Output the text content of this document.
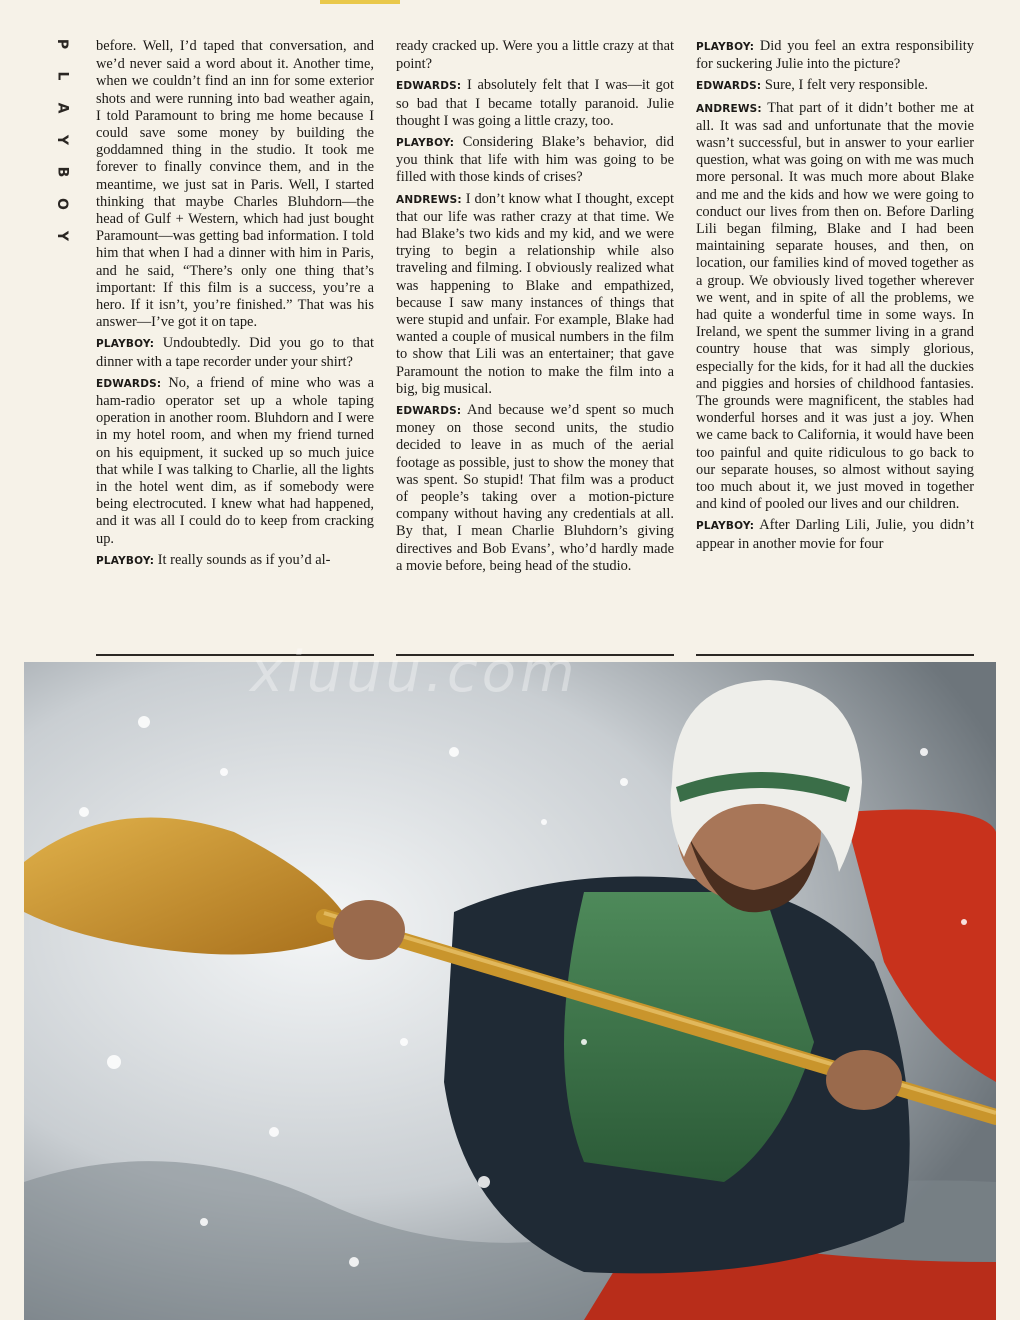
P
L
A
Y
B
O
Y

before. Well, I’d taped that conversation, and we’d never said a word about it. Another time, when we couldn’t find an inn for some exterior shots and were running into bad weather again, I told Paramount to bring me home because I could save some money by building the goddamned thing in the studio. It took me forever to finally convince them, and in the meantime, we just sat in Paris. Well, I started thinking that maybe Charles Bluhdorn—the head of Gulf + Western, which had just bought Paramount—was getting bad information. I told him that when I had a dinner with him in Paris, and he said, “There’s only one thing that’s important: If this film is a success, you’re a hero. If it isn’t, you’re finished.” That was his answer—I’ve got it on tape.

PLAYBOY: Undoubtedly. Did you go to that dinner with a tape recorder under your shirt?

EDWARDS: No, a friend of mine who was a ham-radio operator set up a whole taping operation in another room. Bluhdorn and I were in my hotel room, and when my friend turned on his equipment, it sucked up so much juice that while I was talking to Charlie, all the lights in the hotel went dim, as if somebody were being electrocuted. I knew what had happened, and it was all I could do to keep from cracking up.

PLAYBOY: It really sounds as if you’d al-

ready cracked up. Were you a little crazy at that point?

EDWARDS: I absolutely felt that I was—it got so bad that I became totally paranoid. Julie thought I was going a little crazy, too.

PLAYBOY: Considering Blake’s behavior, did you think that life with him was going to be filled with those kinds of crises?

ANDREWS: I don’t know what I thought, except that our life was rather crazy at that time. We had Blake’s two kids and my kid, and we were trying to begin a relationship while also traveling and filming. I obviously realized what was happening to Blake and empathized, because I saw many instances of things that were stupid and unfair. For example, Blake had wanted a couple of musical numbers in the film to show that Lili was an entertainer; that gave Paramount the notion to make the film into a big, big musical.

EDWARDS: And because we’d spent so much money on those second units, the studio decided to leave in as much of the aerial footage as possible, just to show the money that was spent. So stupid! That film was a product of people’s taking over a motion-picture company without having any credentials at all. By that, I mean Charlie Bluhdorn’s giving directives and Bob Evans’, who’d hardly made a movie before, being head of the studio.

PLAYBOY: Did you feel an extra responsibility for suckering Julie into the picture?

EDWARDS: Sure, I felt very responsible.

ANDREWS: That part of it didn’t bother me at all. It was sad and unfortunate that the movie wasn’t successful, but in answer to your earlier question, what was going on with me was much more personal. It was much more about Blake and me and the kids and how we were going to conduct our lives from then on. Before Darling Lili began filming, Blake and I had been maintaining separate houses, and then, on location, our families kind of moved together as a group. We obviously lived together wherever we went, and in spite of all the problems, we had quite a wonderful time in some ways. In Ireland, we spent the summer living in a grand country house that was simply glorious, especially for the kids, for it had all the duckies and piggies and horsies of childhood fantasies. The grounds were magnificent, the stables had wonderful horses and it was just a joy. When we came back to California, it would have been too painful and quite ridiculous to go back to our separate houses, so almost without saying too much about it, we just moved in together and kind of pooled our lives and our children.

PLAYBOY: After Darling Lili, Julie, you didn’t appear in another movie for four

xiuuu.com
